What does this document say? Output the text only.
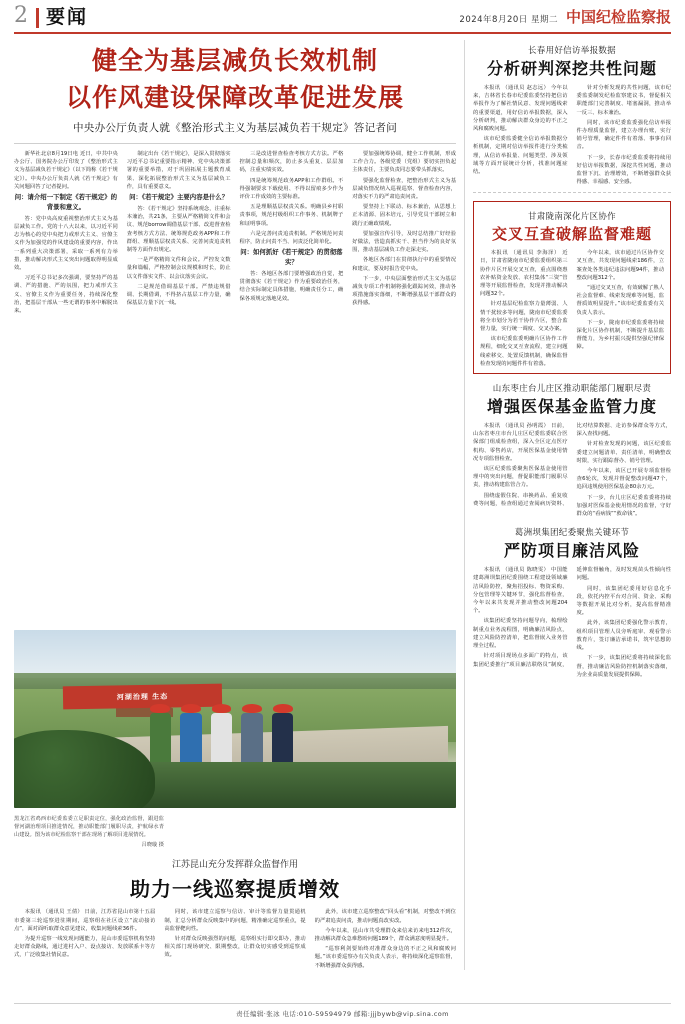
2 要闻	2024年8月20日 星期二 中国纪检监察报
健全为基层减负长效机制
以作风建设保障改革促进发展
中央办公厅负责人就《整治形式主义为基层减负若干规定》答记者问

新华社北京8月19日电 近日，中共中央办公厅、国务院办公厅印发了《整治形式主义为基层减负若干规定》（以下简称《若干规定》）。中央办公厅负责人就《若干规定》有关问题回答了记者提问。

问：请介绍一下制定《若干规定》的背景和意义。

答：党中央高度重视整治形式主义为基层减负工作。党的十八大以来，以习近平同志为核心的党中央把力戒形式主义、官僚主义作为加强党的作风建设的重要内容，作出一系列重大决策部署，采取一系列有力举措，推动解决形式主义突出问题取得明显成效。

习近平总书记多次强调，要坚持严的基调、严的措施、严的氛围，把力戒形式主义、官僚主义作为重要任务，持续深化整治，把基层干部从一些无谓的事务中解脱出来。

制定出台《若干规定》，是深入贯彻落实习近平总书记重要指示精神、党中央决策部署的重要举措，对于巩固拓展主题教育成果、深化拓展整治形式主义为基层减负工作，具有重要意义。

问：《若干规定》主要内容是什么？

答：《若干规定》坚持系统观念，注重标本兼治，共21条，主要从严格精简文件和会议、规范borrow调借基层干部、改进督查检查考核方式方法、统筹规范政务APP和工作群组、理顺基层权责关系、完善问责追责机制等方面作出规定。

一是严格精简文件和会议。严控发文数量和篇幅，严格控制会议规模和时长，防止以文件落实文件、以会议落实会议。

二是规范借调基层干部。严禁违规借调、长期借调，不得挤占基层工作力量，确保基层力量下沉一线。

三是改进督查检查考核方式方法。严格控制总量和频次，防止多头重复、层层加码，注重实绩实效。

四是统筹规范政务APP和工作群组。不得强制要求下载使用、不得以留痕多少作为评价工作成效的主要标准。

五是理顺基层权责关系。明确县乡村职责事项，规范村级组织工作事务、机制牌子和证明事项。

六是完善问责追责机制。严格规范问责程序，防止问责不当、问责泛化简单化。

问：如何抓好《若干规定》的贯彻落实？

答：各地区各部门要增强政治自觉，把贯彻落实《若干规定》作为重要政治任务，结合实际制定具体措施，明确责任分工，确保各项规定落地见效。

要加强统筹协调，健全工作机制，形成工作合力。各级党委（党组）要切实担负起主体责任，主要负责同志要带头抓落实。

要强化监督检查，把整治形式主义为基层减负情况纳入巡视巡察、督查检查内容，对落实不力的严肃追责问责。

要坚持上下联动、标本兼治，从思想上正本清源、固本培元，引导党员干部树立和践行正确政绩观。

要加强宣传引导，及时总结推广好经验好做法，营造真抓实干、担当作为的良好氛围，推动基层减负工作走深走实。

各地区各部门在贯彻执行中的重要情况和建议，要及时报告党中央。

下一步，中央层面整治形式主义为基层减负专项工作机制将强化跟踪问效，推动各项措施落实落细，不断增强基层干部群众的获得感。

河湖治理 生态
黑龙江省鸡西市纪委监委立足职责定位，强化政治监督，跟进监督河湖治理项目推进情况，推动职能部门履职尽责，护航绿水青山建设。图为该市纪检监察干部在现场了解项目进展情况。
吕晓璇 摄
江苏昆山充分发挥群众监督作用
助力一线巡察提质增效

本报讯 （通讯员 王倩） 日前，江苏省昆山市第十五届市委第三轮巡察进驻期间，巡察组在社区设立“流动接访点”，面对面听取群众意见建议，收集问题线索36件。

为提升巡察一线发现问题能力，昆山市委巡察机构坚持走好群众路线，通过进村入户、设点接访、发放联系卡等方式，广泛收集社情民意。

同时，该市建立巡察与信访、审计等监督力量贯通机制，汇总分析群众反映集中的问题，精准确定巡察重点，提高监督靶向性。

针对群众反映强烈的问题，巡察组实行即交即办，推动相关部门现场研究、限期整改，让群众切实感受到巡察成效。

此外，该市建立巡察整改“回头看”机制，对整改不到位的严肃追责问责，推动问题真改实改。

今年以来，昆山市共受理群众来信来访来电312件次，推动解决群众急难愁盼问题189个，群众满意度明显提升。

“巡察利剑要始终对准群众身边的不正之风和腐败问题。”该市委巡察办有关负责人表示，将持续深化巡察监督，不断增强群众获得感。

长春用好信访举报数据
分析研判深挖共性问题

本报讯 （通讯员 赵志远） 今年以来，吉林省长春市纪委监委坚持把信访举报作为了解社情民意、发现问题线索的重要渠道，用好信访举报数据，深入分析研判，推动解决群众身边的不正之风和腐败问题。

该市纪委监委健全信访举报数据分析机制，定期对信访举报件进行分类梳理，从信访举报量、问题类型、涉及领域等方面开展统计分析，找准问题症结。

针对分析发现的共性问题，该市纪委监委制发纪检监察建议书，督促相关职能部门完善制度、堵塞漏洞，推动举一反三、标本兼治。

同时，该市纪委监委强化信访举报件办理质量监督，建立办理台账，实行销号管理，确定件件有着落、事事有回音。

下一步，长春市纪委监委将持续用好信访举报数据，深挖共性问题，推动监督下沉、治理增效，不断增强群众获得感、幸福感、安全感。

甘肃陇南深化片区协作
交叉互查破解监督难题

本报讯 （通讯员 李海泽） 近日，甘肃省陇南市纪委监委组织第三协作片区开展交叉互查，重点围绕惠农补贴资金发放、农村集体“三资”管理等开展监督检查，发现并推动解决问题32个。

针对基层纪检监察力量薄弱、人情干扰较多等问题，陇南市纪委监委将全市划分为若干协作片区，整合监督力量，实行统一调度、交叉办案。

该市纪委监委明确片区协作工作规程，细化交叉互查流程，建立问题线索移交、处置反馈机制，确保监督检查发现的问题件件有着落。

今年以来，该市通过片区协作交叉互查，共发现问题线索186件，立案查处各类违纪违法问题94件，推动整改问题312个。

“通过交叉互查，有效破解了熟人社会监督难、线索发现难等问题，监督质效明显提升。”该市纪委监委有关负责人表示。

下一步，陇南市纪委监委将持续深化片区协作机制，不断提升基层监督能力，为乡村振兴提供坚强纪律保障。

山东枣庄台儿庄区推动职能部门履职尽责
增强医保基金监管力度

本报讯 （通讯员 孙明霞） 日前，山东省枣庄市台儿庄区纪委监委联合医保部门组成检查组，深入全区定点医疗机构、零售药店，开展医保基金使用情况专项监督检查。

该区纪委监委聚焦医保基金使用管理中的突出问题，督促职能部门履职尽责，推动构建监管合力。

围绕虚假住院、串换药品、重复收费等问题，检查组通过查阅病历资料、比对结算数据、走访参保群众等方式，深入查找问题。

针对检查发现的问题，该区纪委监委建立问题清单、责任清单，明确整改时限，实行跟踪督办、销号管理。

今年以来，该区已开展专项监督检查6轮次，发现并督促整改问题47个，追回违规使用医保基金80余万元。

下一步，台儿庄区纪委监委将持续加强对医保基金使用情况的监督，守好群众的“看病钱”“救命钱”。

葛洲坝集团纪委聚焦关键环节
严防项目廉洁风险

本报讯 （通讯员 陈晓雯） 中国能建葛洲坝集团纪委围绕工程建设领域廉洁风险防控，聚焦招投标、物资采购、分包管理等关键环节，强化监督检查，今年以来共发现并推动整改问题204个。

该集团纪委坚持问题导向，梳理绘制重点业务流程图，明确廉洁风险点，建立风险防控清单，把监督嵌入业务管理全过程。

针对项目现场点多面广的特点，该集团纪委推行“项目廉洁联络员”制度，延伸监督触角，及时发现苗头性倾向性问题。

同时，该集团纪委用好信息化手段，依托内控平台对合同、资金、采购等数据开展比对分析，提高监督精准度。

此外，该集团纪委强化警示教育，组织项目管理人员旁听庭审、观看警示教育片，签订廉洁承诺书，筑牢思想防线。

下一步，该集团纪委将持续深化监督，推动廉洁风险防控机制落实落细，为企业高质量发展提供保障。

责任编辑·张冰 电话:010-59594979 邮箱:jjjbywb@vip.sina.com
